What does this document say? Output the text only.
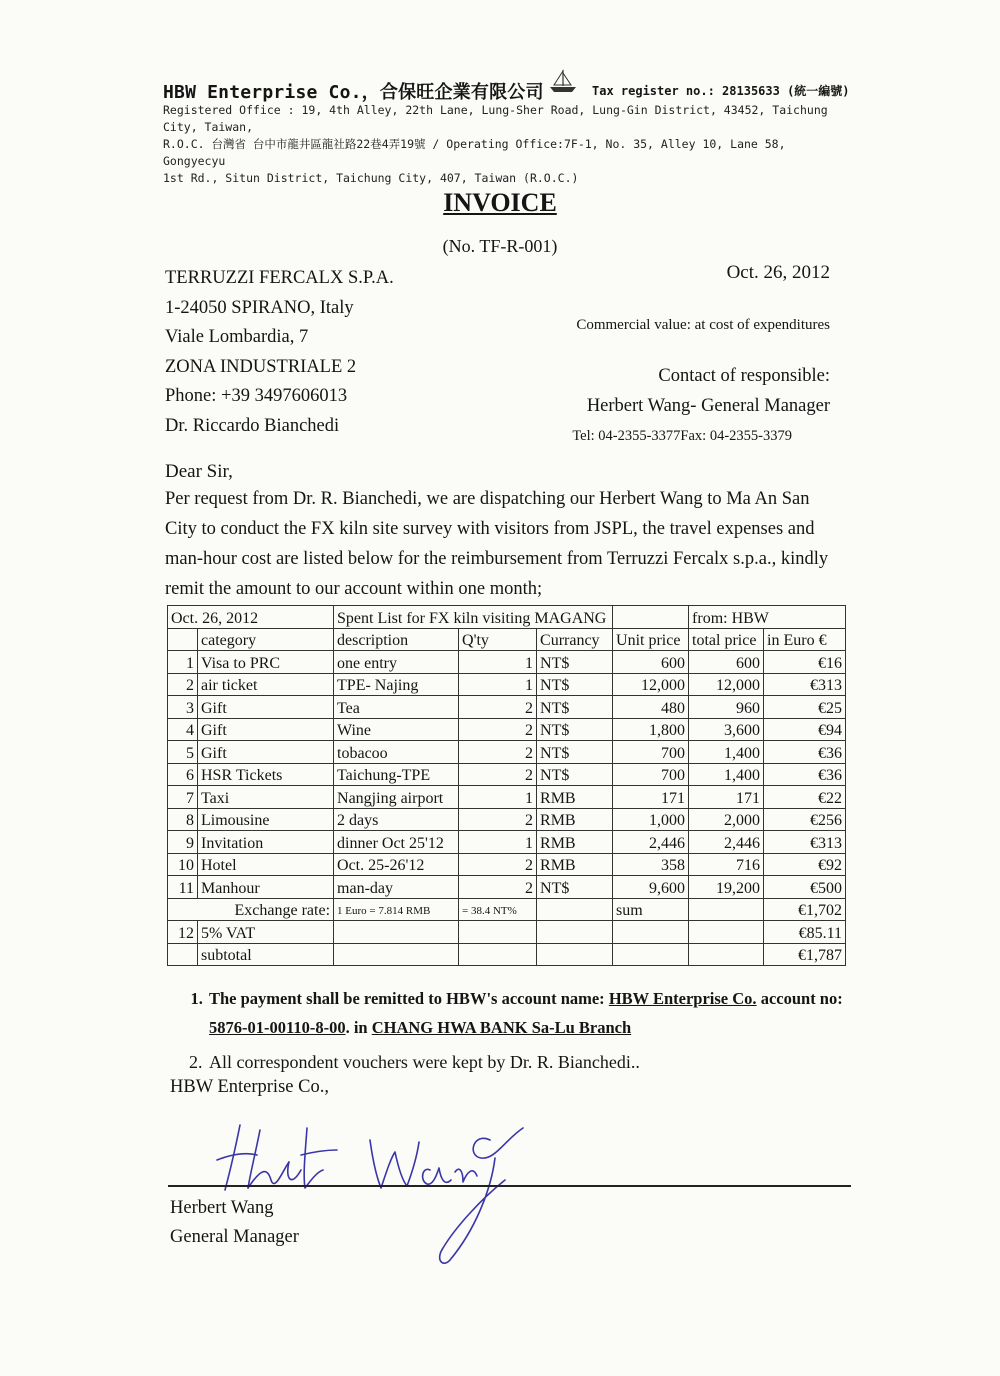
HBW Enterprise Co.，合保旺企業有限公司	Tax register no.: 28135633 (統一編號)
Registered Office : 19, 4th Alley, 22th Lane, Lung-Sher Road, Lung-Gin District, 43452, Taichung City, Taiwan,
R.O.C. 台灣省 台中市龍井區龍社路22巷4弄19號 / Operating Office:7F-1, No. 35, Alley 10, Lane 58, Gongyecyu
1st Rd., Situn District, Taichung City, 407, Taiwan (R.O.C.)
INVOICE
(No. TF-R-001)
TERRUZZI FERCALX S.P.A.
1-24050 SPIRANO, Italy
Viale Lombardia, 7
ZONA INDUSTRIALE 2
Phone: +39 3497606013
Dr. Riccardo Bianchedi
Oct. 26, 2012
Commercial value: at cost of expenditures
Contact of responsible:
Herbert Wang- General Manager
Tel: 04-2355-3377Fax: 04-2355-3379
Dear Sir,
Per request from Dr. R. Bianchedi, we are dispatching our Herbert Wang to Ma An San City to conduct the FX kiln site survey with visitors from JSPL, the travel expenses and man-hour cost are listed below for the reimbursement from Terruzzi Fercalx s.p.a., kindly remit the amount to our account within one month;
Oct. 26, 2012		Spent List for FX kiln visiting MAGANG				from: HBW	
	category	description	Q'ty	Currancy	Unit price	total price	in Euro €
1	Visa to PRC	one entry	1	NT$	600	600	€16
2	air ticket	TPE- Najing	1	NT$	12,000	12,000	€313
3	Gift	Tea	2	NT$	480	960	€25
4	Gift	Wine	2	NT$	1,800	3,600	€94
5	Gift	tobacoo	2	NT$	700	1,400	€36
6	HSR Tickets	Taichung-TPE	2	NT$	700	1,400	€36
7	Taxi	Nangjing airport	1	RMB	171	171	€22
8	Limousine	2 days	2	RMB	1,000	2,000	€256
9	Invitation	dinner Oct 25'12	1	RMB	2,446	2,446	€313
10	Hotel	Oct. 25-26'12	2	RMB	358	716	€92
11	Manhour	man-day	2	NT$	9,600	19,200	€500
Exchange rate:		1 Euro = 7.814 RMB	= 38.4 NT%		sum		€1,702
12	5% VAT						€85.11
	subtotal						€1,787
1. The payment shall be remitted to HBW's account name: HBW Enterprise Co. account no: 5876-01-00110-8-00. in CHANG HWA BANK Sa-Lu Branch
2. All correspondent vouchers were kept by Dr. R. Bianchedi..
HBW Enterprise Co.,
Herbert Wang
General Manager
